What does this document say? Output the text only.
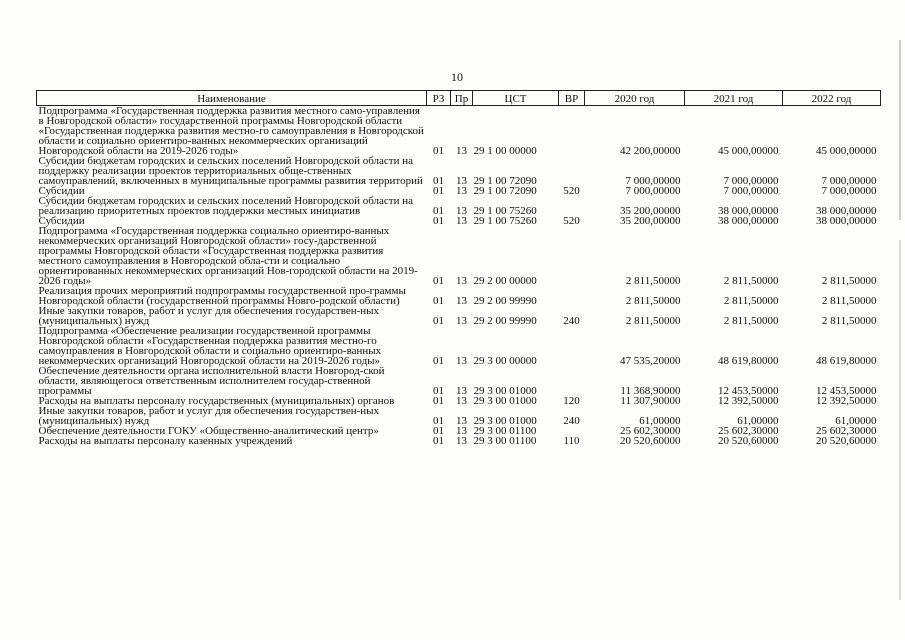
10
Наименование	РЗ	Пр	ЦСТ	ВР	2020 год	2021 год	2022 год
Подпрограмма «Государственная поддержка развития местного само-управления в Новгородской области» государственной программы Новгородской области «Государственная поддержка развития местно-го самоуправления в Новгородской области и социально ориентиро-ванных некоммерческих организаций Новгородской области на 2019-2026 годы»	01	13	29 1 00 00000		42 200,00000	45 000,00000	45 000,00000
Субсидии бюджетам городских и сельских поселений Новгородской области на поддержку реализации проектов территориальных обще-ственных самоуправлений, включенных в муниципальные программы развития территорий	01	13	29 1 00 72090		7 000,00000	7 000,00000	7 000,00000
Субсидии	01	13	29 1 00 72090	520	7 000,00000	7 000,00000	7 000,00000
Субсидии бюджетам городских и сельских поселений Новгородской области на реализацию приоритетных проектов поддержки местных инициатив	01	13	29 1 00 75260		35 200,00000	38 000,00000	38 000,00000
Субсидии	01	13	29 1 00 75260	520	35 200,00000	38 000,00000	38 000,00000
Подпрограмма «Государственная поддержка социально ориентиро-ванных некоммерческих организаций Новгородской области» госу-дарственной программы Новгородской области «Государственная поддержка развития местного самоуправления в Новгородской обла-сти и социально ориентированных некоммерческих организаций Нов-городской области на 2019-2026 годы»	01	13	29 2 00 00000		2 811,50000	2 811,50000	2 811,50000
Реализация прочих мероприятий подпрограммы государственной про-граммы Новгородской области (государственной программы Новго-родской области)	01	13	29 2 00 99990		2 811,50000	2 811,50000	2 811,50000
Иные закупки товаров, работ и услуг для обеспечения государствен-ных (муниципальных) нужд	01	13	29 2 00 99990	240	2 811,50000	2 811,50000	2 811,50000
Подпрограмма «Обеспечение реализации государственной программы Новгородской области «Государственная поддержка развития местно-го самоуправления в Новгородской области и социально ориентиро-ванных некоммерческих организаций Новгородской области на 2019-2026 годы»	01	13	29 3 00 00000		47 535,20000	48 619,80000	48 619,80000
Обеспечение деятельности органа исполнительной власти Новгород-ской области, являющегося ответственным исполнителем госудаp-ственной программы	01	13	29 3 00 01000		11 368,90000	12 453,50000	12 453,50000
Расходы на выплаты персоналу государственных (муниципальных) органов	01	13	29 3 00 01000	120	11 307,90000	12 392,50000	12 392,50000
Иные закупки товаров, работ и услуг для обеспечения государствен-ных (муниципальных) нужд	01	13	29 3 00 01000	240	61,00000	61,00000	61,00000
Обеспечение деятельности ГОКУ «Общественно-аналитический центр»	01	13	29 3 00 01100		25 602,30000	25 602,30000	25 602,30000
Расходы на выплаты персоналу казенных учреждений	01	13	29 3 00 01100	110	20 520,60000	20 520,60000	20 520,60000
